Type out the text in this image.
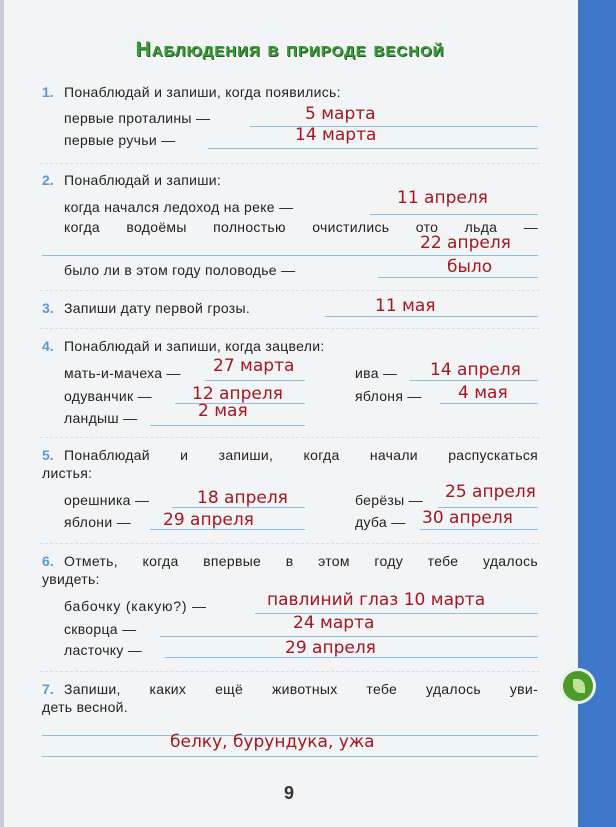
Наблюдения в природе весной
1. Понаблюдай и запиши, когда появились:
первые проталины —	5 марта
первые ручьи —	14 марта
2. Понаблюдай и запиши:
когда начался ледоход на реке —	11 апреля
когда водоёмы полностью очистились ото льда —
22 апреля
было ли в этом году половодье —	было
3. Запиши дату первой грозы.	11 мая
4. Понаблюдай и запиши, когда зацвели:
мать-и-мачеха — 27 марта	ива — 14 апреля
одуванчик — 12 апреля	яблоня — 4 мая
ландыш —	2 мая
5. Понаблюдай и запиши, когда начали распускаться
листья:
орешника —	18 апреля	берёзы — 25 апреля
яблони — 29 апреля	дуба — 30 апреля
6. Отметь, когда впервые в этом году тебе удалось
увидеть:
бабочку (какую?) —	павлиний глаз 10 марта
скворца —	24 марта
ласточку —	29 апреля
7. Запиши, каких ещё животных тебе удалось уви-
деть весной.
белку, бурундука, ужа
9
